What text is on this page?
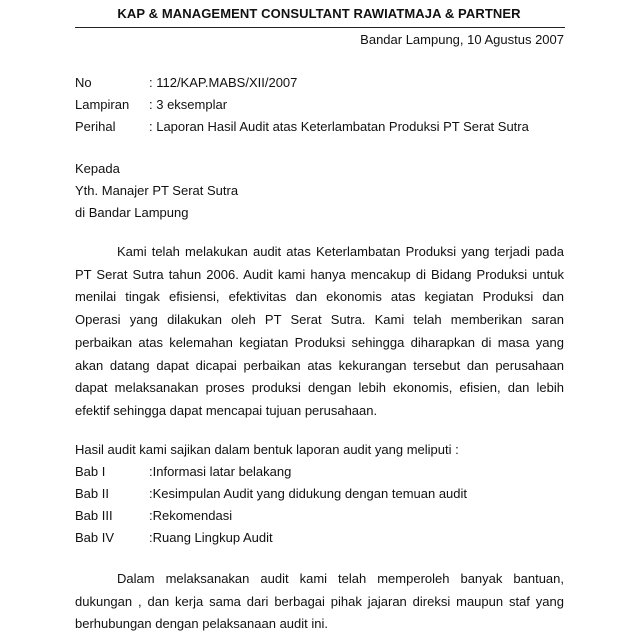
KAP & MANAGEMENT CONSULTANT RAWIATMAJA & PARTNER
Bandar Lampung, 10 Agustus 2007
No	: 112/KAP.MABS/XII/2007
Lampiran : 3 eksemplar
Perihal	: Laporan Hasil Audit atas Keterlambatan Produksi PT Serat Sutra
Kepada
Yth. Manajer PT Serat Sutra
di Bandar Lampung

Kami telah melakukan audit atas Keterlambatan Produksi yang terjadi pada PT Serat Sutra tahun 2006. Audit kami hanya mencakup di Bidang Produksi untuk menilai tingak efisiensi, efektivitas dan ekonomis atas kegiatan Produksi dan Operasi yang dilakukan oleh PT Serat Sutra. Kami telah memberikan saran perbaikan atas kelemahan kegiatan Produksi sehingga diharapkan di masa yang akan datang dapat dicapai perbaikan atas kekurangan tersebut dan perusahaan dapat melaksanakan proses produksi dengan lebih ekonomis, efisien, dan lebih efektif sehingga dapat mencapai tujuan perusahaan.

Hasil audit kami sajikan dalam bentuk laporan audit yang meliputi :
Bab I	:Informasi latar belakang
Bab II	:Kesimpulan Audit yang didukung dengan temuan audit
Bab III	:Rekomendasi
Bab IV	:Ruang Lingkup Audit

Dalam melaksanakan audit kami telah memperoleh banyak bantuan, dukungan , dan kerja sama dari berbagai pihak jajaran direksi maupun staf yang berhubungan dengan pelaksanaan audit ini.
